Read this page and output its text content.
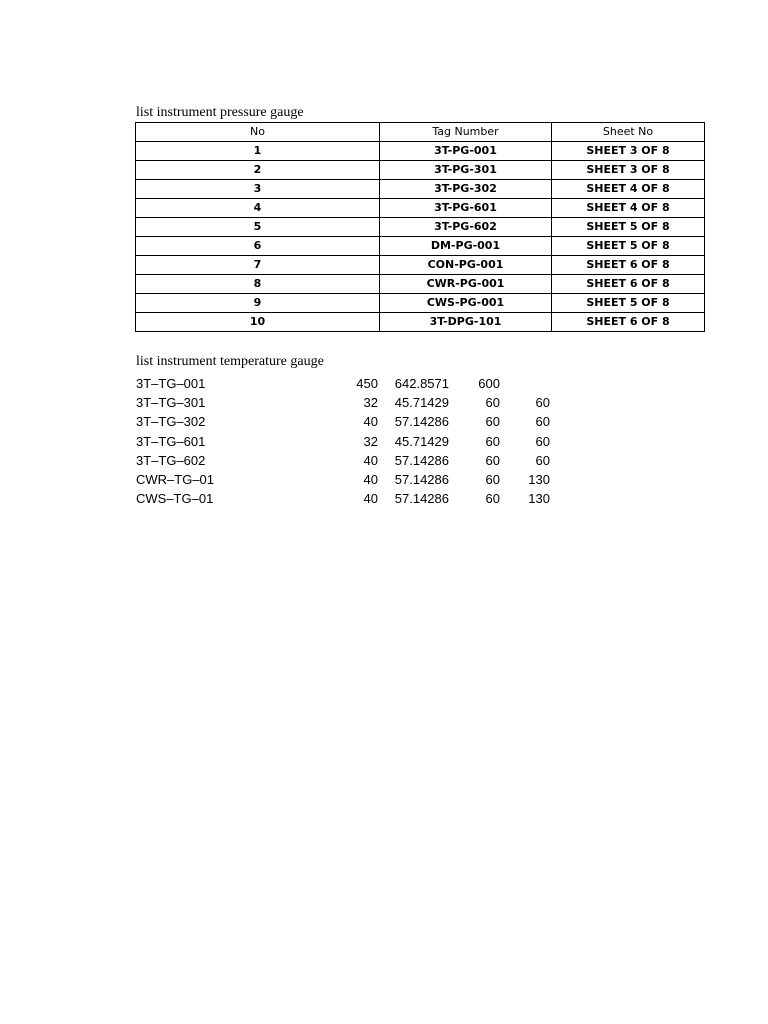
list instrument pressure gauge
No	Tag Number	Sheet No
1	3T-PG-001	SHEET 3 OF 8
2	3T-PG-301	SHEET 3 OF 8
3	3T-PG-302	SHEET 4 OF 8
4	3T-PG-601	SHEET 4 OF 8
5	3T-PG-602	SHEET 5 OF 8
6	DM-PG-001	SHEET 5 OF 8
7	CON-PG-001	SHEET 6 OF 8
8	CWR-PG-001	SHEET 6 OF 8
9	CWS-PG-001	SHEET 5 OF 8
10	3T-DPG-101	SHEET 6 OF 8
list instrument temperature gauge
3T–TG–001	450 642.8571 600
3T–TG–301	32 45.71429	60	60
3T–TG–302	40 57.14286	60	60
3T–TG–601	32 45.71429	60	60
3T–TG–602	40 57.14286	60	60
CWR–TG–01	40 57.14286	60 130
CWS–TG–01	40 57.14286	60 130
